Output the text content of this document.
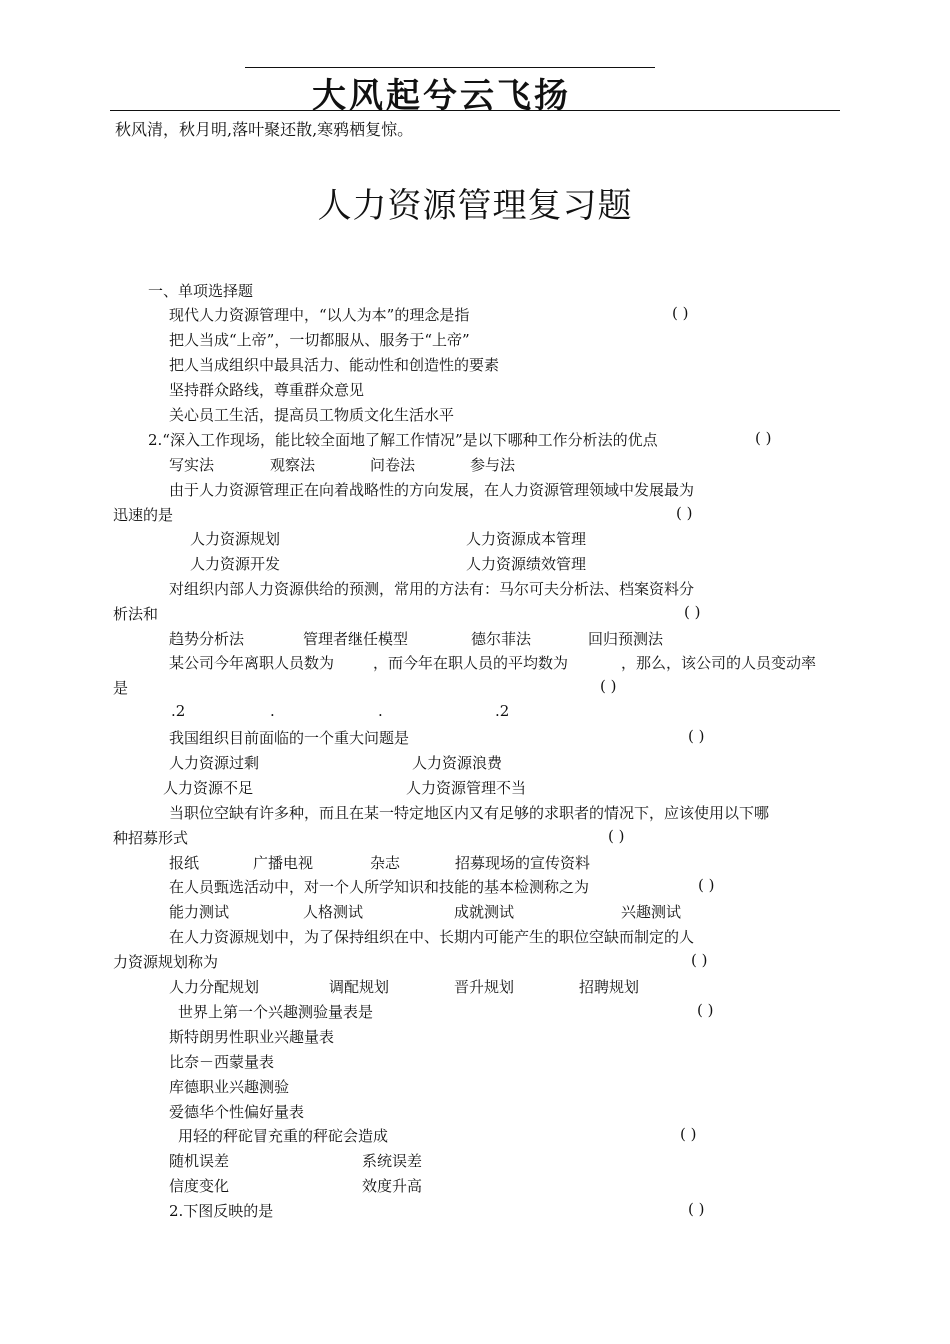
大风起兮云飞扬
秋风清，秋月明,落叶聚还散,寒鸦栖复惊。
人力资源管理复习题
一、单项选择题
现代人力资源管理中，“以人为本”的理念是指	( )
把人当成“上帝”，一切都服从、服务于“上帝”
把人当成组织中最具活力、能动性和创造性的要素
坚持群众路线，尊重群众意见
关心员工生活，提高员工物质文化生活水平
2.“深入工作现场，能比较全面地了解工作情况”是以下哪种工作分析法的优点	( )
写实法	观察法	问卷法	参与法
由于人力资源管理正在向着战略性的方向发展，在人力资源管理领域中发展最为
迅速的是	( )
人力资源规划	人力资源成本管理
人力资源开发	人力资源绩效管理
对组织内部人力资源供给的预测，常用的方法有：马尔可夫分析法、档案资料分
析法和	( )
趋势分析法	管理者继任模型	德尔菲法	回归预测法
某公司今年离职人员数为	，而今年在职人员的平均数为	，那么，该公司的人员变动率
是	( )
.2	.	.	.2
我国组织目前面临的一个重大问题是	( )
人力资源过剩	人力资源浪费
人力资源不足	人力资源管理不当
当职位空缺有许多种，而且在某一特定地区内又有足够的求职者的情况下，应该使用以下哪
种招募形式	( )
报纸	广播电视	杂志	招募现场的宣传资料
在人员甄选活动中，对一个人所学知识和技能的基本检测称之为	( )
能力测试	人格测试	成就测试	兴趣测试
在人力资源规划中，为了保持组织在中、长期内可能产生的职位空缺而制定的人
力资源规划称为	( )
人力分配规划	调配规划	晋升规划	招聘规划
世界上第一个兴趣测验量表是	( )
斯特朗男性职业兴趣量表
比奈－西蒙量表
库德职业兴趣测验
爱德华个性偏好量表
用轻的秤砣冒充重的秤砣会造成	( )
随机误差	系统误差
信度变化	效度升高
2.下图反映的是	( )
